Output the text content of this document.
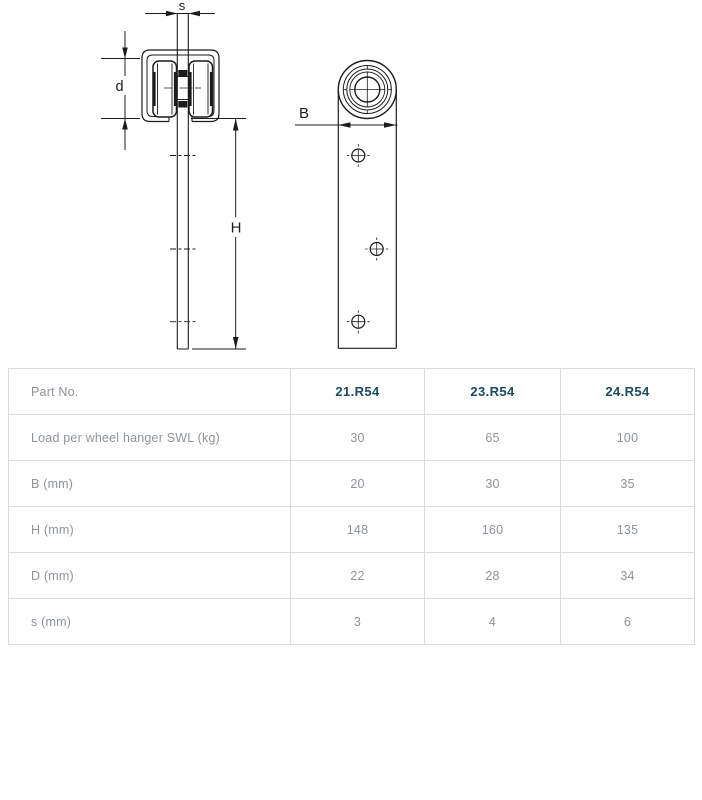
s
d
H
B
Part No.	21.R54	23.R54	24.R54
Load per wheel hanger SWL (kg)	30	65	100
B (mm)	20	30	35
H (mm)	148	160	135
D (mm)	22	28	34
s (mm)	3	4	6
